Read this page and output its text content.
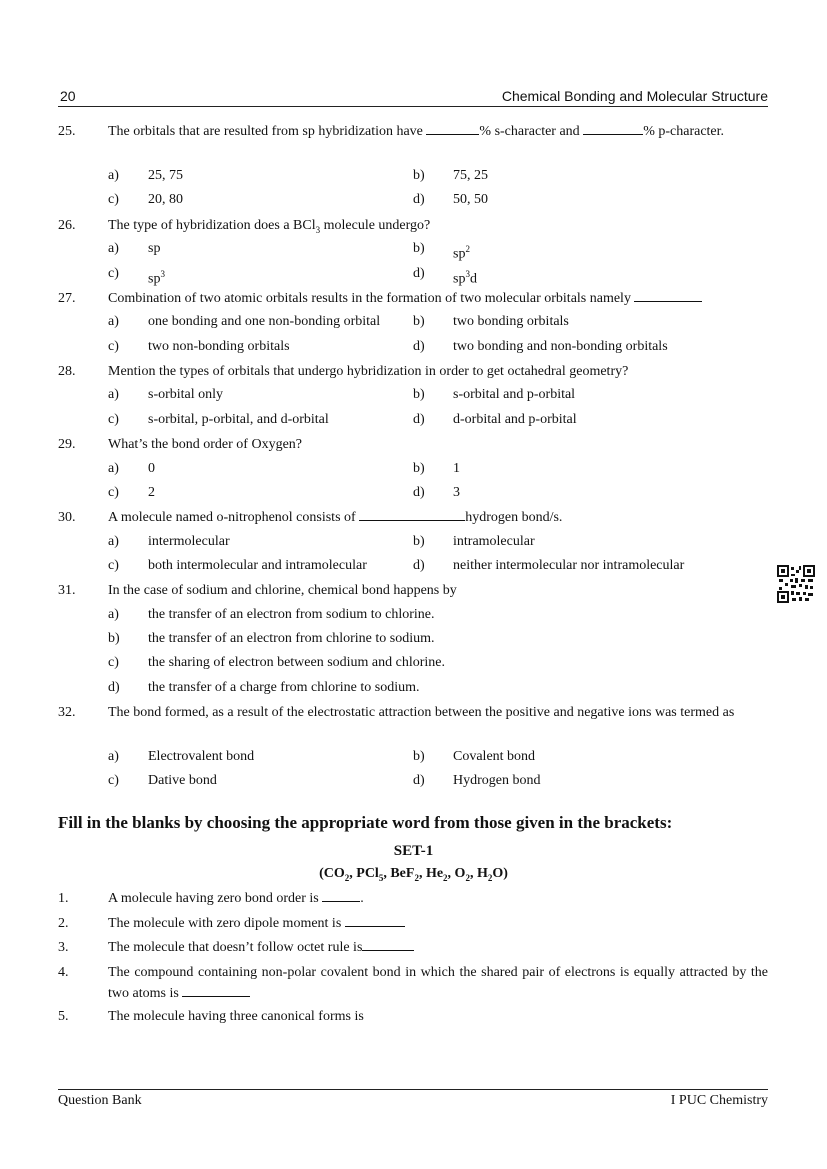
20	Chemical Bonding and Molecular Structure
25. The orbitals that are resulted from sp hybridization have	% s-character and	% p-character.
a) 25, 75	b) 75, 25
c) 20, 80	d) 50, 50
26. The type of hybridization does a BCl$_3$ molecule undergo?
a) sp	b) $sp^2$
c) $sp^3$	d) $sp^3d$
27. Combination of two atomic orbitals results in the formation of two molecular orbitals namely
a) one bonding and one non-bonding orbital b) two bonding orbitals
c) two non-bonding orbitals	d) two bonding and non-bonding orbitals
28. Mention the types of orbitals that undergo hybridization in order to get octahedral geometry?
a) s-orbital only	b) s-orbital and p-orbital
c) s-orbital, p-orbital, and d-orbital	d) d-orbital and p-orbital
29. What’s the bond order of Oxygen?
a) 0	b) 1
c) 2	d) 3
30. A molecule named o-nitrophenol consists of	hydrogen bond/s.
a) intermolecular	b) intramolecular
c) both intermolecular and intramolecular	d) neither intermolecular nor intramolecular
31. In the case of sodium and chlorine, chemical bond happens by
a) the transfer of an electron from sodium to chlorine.
b) the transfer of an electron from chlorine to sodium.
c) the sharing of electron between sodium and chlorine.
d) the transfer of a charge from chlorine to sodium.
32. The bond formed, as a result of the electrostatic attraction between the positive and negative ions was termed as
a) Electrovalent bond	b) Covalent bond
c) Dative bond	d) Hydrogen bond
Fill in the blanks by choosing the appropriate word from those given in the brackets:
SET-1
($CO_2$, PCl$_5$, BeF$_2$, $He_2$, $O_2$, $H_2O$)
1.	A molecule having zero bond order is	.
2.	The molecule with zero dipole moment is
3.	The molecule that doesn’t follow octet rule is
4.	The compound containing non-polar covalent bond in which the shared pair of electrons is equally attracted by the two atoms is
5.	The molecule having three canonical forms is
Question Bank	I PUC Chemistry
